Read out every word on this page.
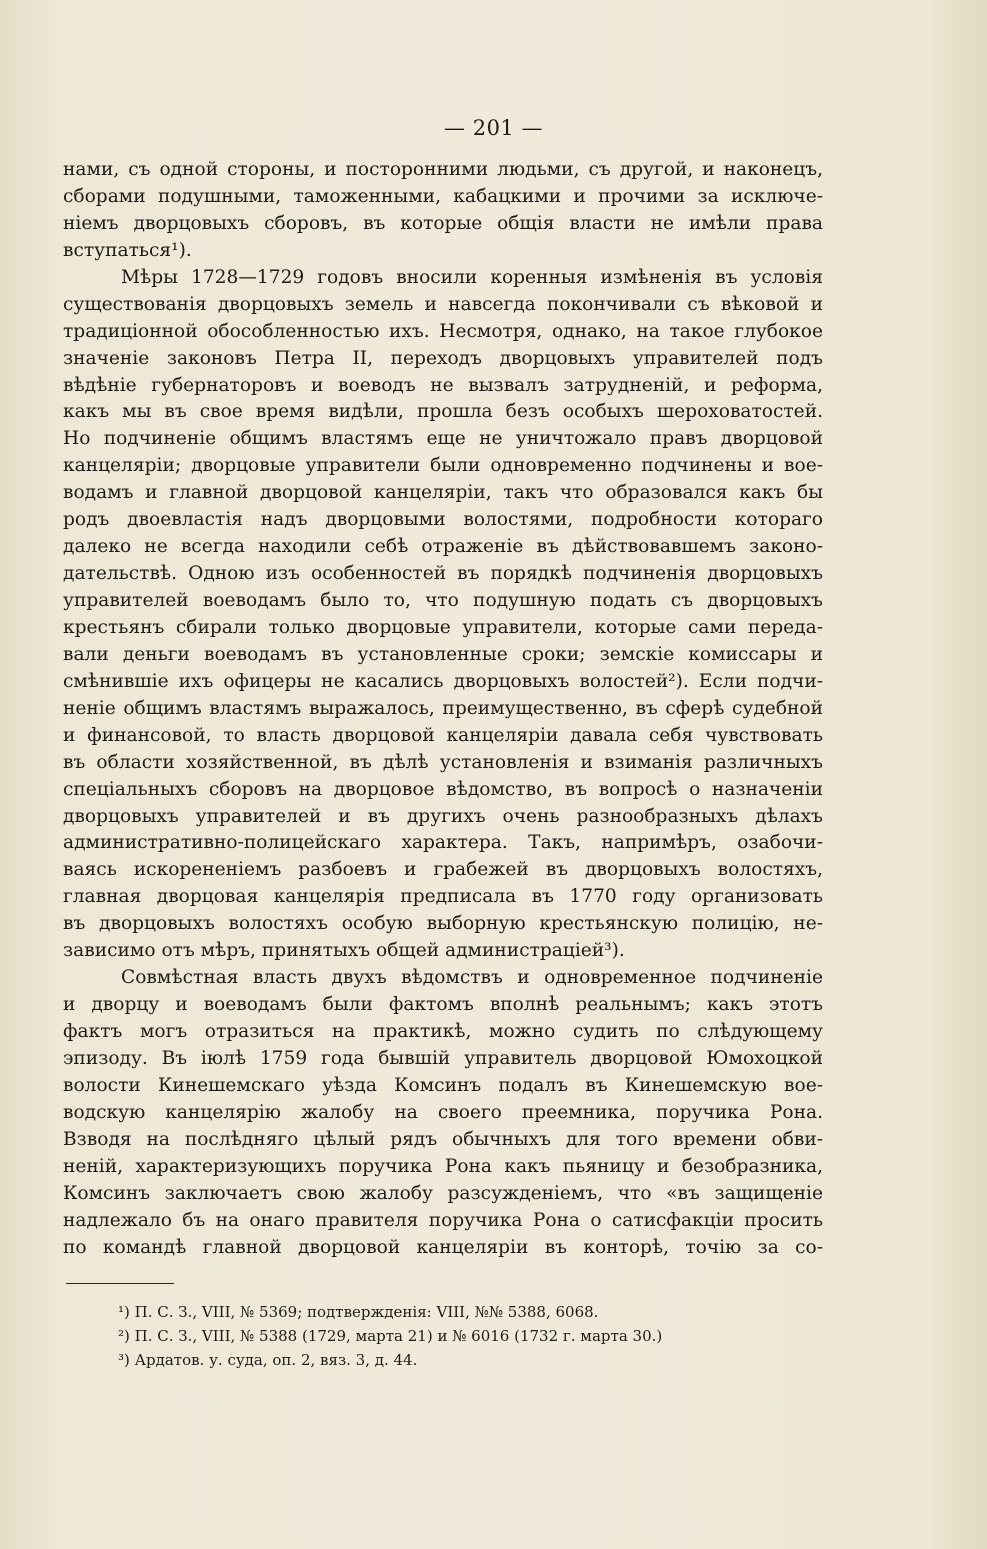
— 201 —
нами, съ одной стороны, и посторонними людьми, съ другой, и наконецъ,
сборами подушными, таможенными, кабацкими и прочими за исключе-
ніемъ дворцовыхъ сборовъ, въ которые общія власти не имѣли права
вступаться¹).
Мѣры 1728—1729 годовъ вносили коренныя измѣненія въ условія
существованія дворцовыхъ земель и навсегда покончивали съ вѣковой и
традиціонной обособленностью ихъ. Несмотря, однако, на такое глубокое
значеніе законовъ Петра II, переходъ дворцовыхъ управителей подъ
вѣдѣніе губернаторовъ и воеводъ не вызвалъ затрудненій, и реформа,
какъ мы въ свое время видѣли, прошла безъ особыхъ шероховатостей.
Но подчиненіе общимъ властямъ еще не уничтожало правъ дворцовой
канцеляріи; дворцовые управители были одновременно подчинены и вое-
водамъ и главной дворцовой канцеляріи, такъ что образовался какъ бы
родъ двоевластія надъ дворцовыми волостями, подробности котораго
далеко не всегда находили себѣ отраженіе въ дѣйствовавшемъ законо-
дательствѣ. Одною изъ особенностей въ порядкѣ подчиненія дворцовыхъ
управителей воеводамъ было то, что подушную подать съ дворцовыхъ
крестьянъ сбирали только дворцовые управители, которые сами переда-
вали деньги воеводамъ въ установленные сроки; земскіе комиссары и
смѣнившіе ихъ офицеры не касались дворцовыхъ волостей²). Если подчи-
неніе общимъ властямъ выражалось, преимущественно, въ сферѣ судебной
и финансовой, то власть дворцовой канцеляріи давала себя чувствовать
въ области хозяйственной, въ дѣлѣ установленія и взиманія различныхъ
спеціальныхъ сборовъ на дворцовое вѣдомство, въ вопросѣ о назначеніи
дворцовыхъ управителей и въ другихъ очень разнообразныхъ дѣлахъ
административно-полицейскаго характера. Такъ, напримѣръ, озабочи-
ваясь искорененіемъ разбоевъ и грабежей въ дворцовыхъ волостяхъ,
главная дворцовая канцелярія предписала въ 1770 году организовать
въ дворцовыхъ волостяхъ особую выборную крестьянскую полицію, не-
зависимо отъ мѣръ, принятыхъ общей администраціей³).
Совмѣстная власть двухъ вѣдомствъ и одновременное подчиненіе
и дворцу и воеводамъ были фактомъ вполнѣ реальнымъ; какъ этотъ
фактъ могъ отразиться на практикѣ, можно судить по слѣдующему
эпизоду. Въ іюлѣ 1759 года бывшій управитель дворцовой Юмохоцкой
волости Кинешемскаго уѣзда Комсинъ подалъ въ Кинешемскую вое-
водскую канцелярію жалобу на своего преемника, поручика Рона.
Взводя на послѣдняго цѣлый рядъ обычныхъ для того времени обви-
неній, характеризующихъ поручика Рона какъ пьяницу и безобразника,
Комсинъ заключаетъ свою жалобу разсужденіемъ, что «въ защищеніе
надлежало бъ на онаго правителя поручика Рона о сатисфакціи просить
по командѣ главной дворцовой канцеляріи въ конторѣ, точію за со-
¹) П. С. З., VIII, № 5369; подтвержденія: VIII, №№ 5388, 6068.
²) П. С. З., VIII, № 5388 (1729, марта 21) и № 6016 (1732 г. марта 30.)
³) Ардатов. у. суда, оп. 2, вяз. 3, д. 44.
